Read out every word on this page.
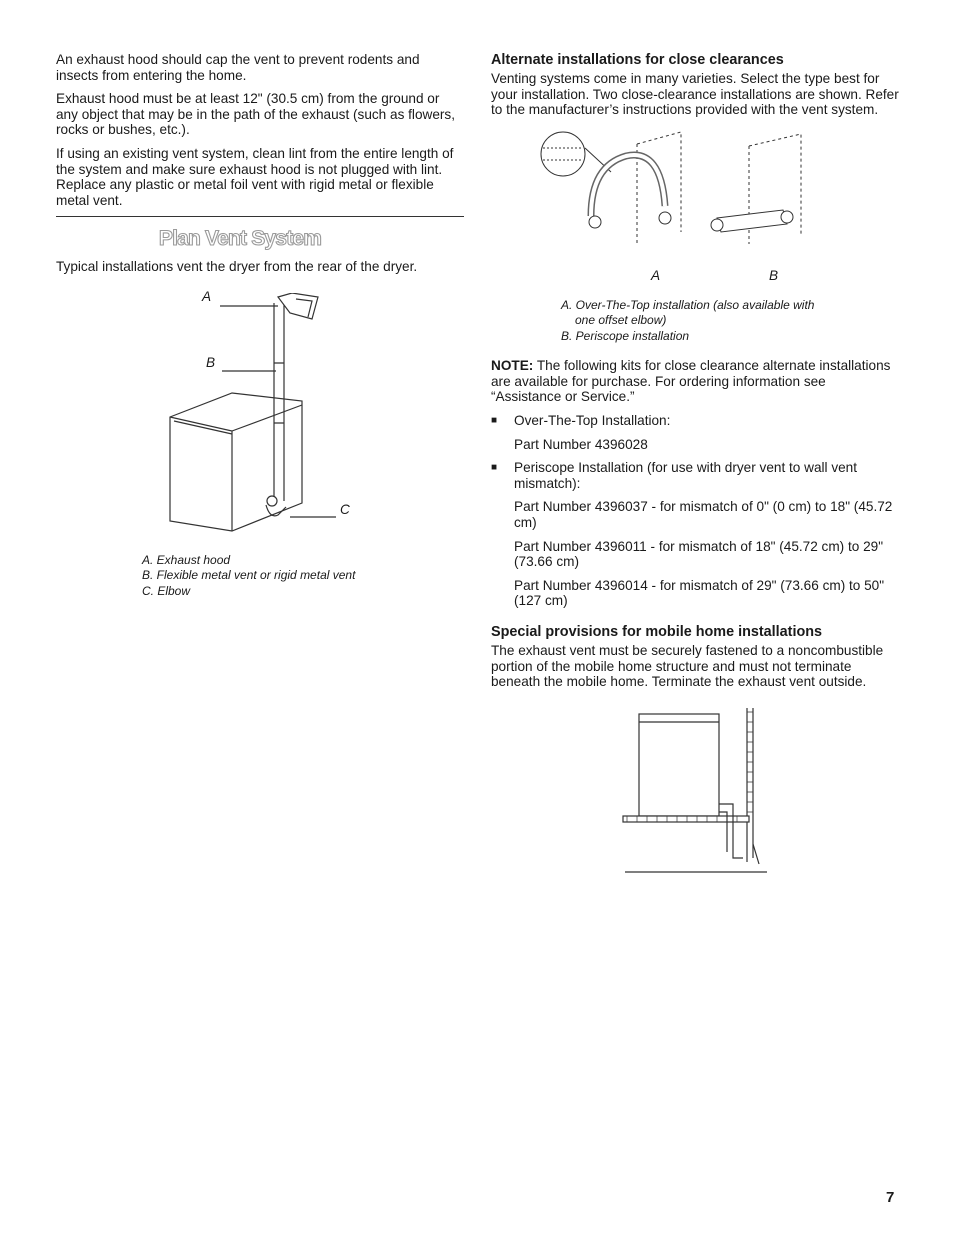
An exhaust hood should cap the vent to prevent rodents and insects from entering the home.

Exhaust hood must be at least 12" (30.5 cm) from the ground or any object that may be in the path of the exhaust (such as flowers, rocks or bushes, etc.).

If using an existing vent system, clean lint from the entire length of the system and make sure exhaust hood is not plugged with lint. Replace any plastic or metal foil vent with rigid metal or flexible metal vent.

Plan Vent System

Typical installations vent the dryer from the rear of the dryer.

A
B
C
A. Exhaust hood
B. Flexible metal vent or rigid metal vent
C. Elbow
Alternate installations for close clearances

Venting systems come in many varieties. Select the type best for your installation. Two close-clearance installations are shown. Refer to the manufacturer’s instructions provided with the vent system.

A	B
A. Over-The-Top installation (also available with
one offset elbow)
B. Periscope installation

NOTE: The following kits for close clearance alternate installations are available for purchase. For ordering information see “Assistance or Service.”

■ Over-The-Top Installation:

Part Number 4396028

■ Periscope Installation (for use with dryer vent to wall vent mismatch):

Part Number 4396037 - for mismatch of 0" (0 cm) to 18" (45.72 cm)

Part Number 4396011 - for mismatch of 18" (45.72 cm) to 29" (73.66 cm)

Part Number 4396014 - for mismatch of 29" (73.66 cm) to 50" (127 cm)

Special provisions for mobile home installations

The exhaust vent must be securely fastened to a noncombustible portion of the mobile home structure and must not terminate beneath the mobile home. Terminate the exhaust vent outside.

7
